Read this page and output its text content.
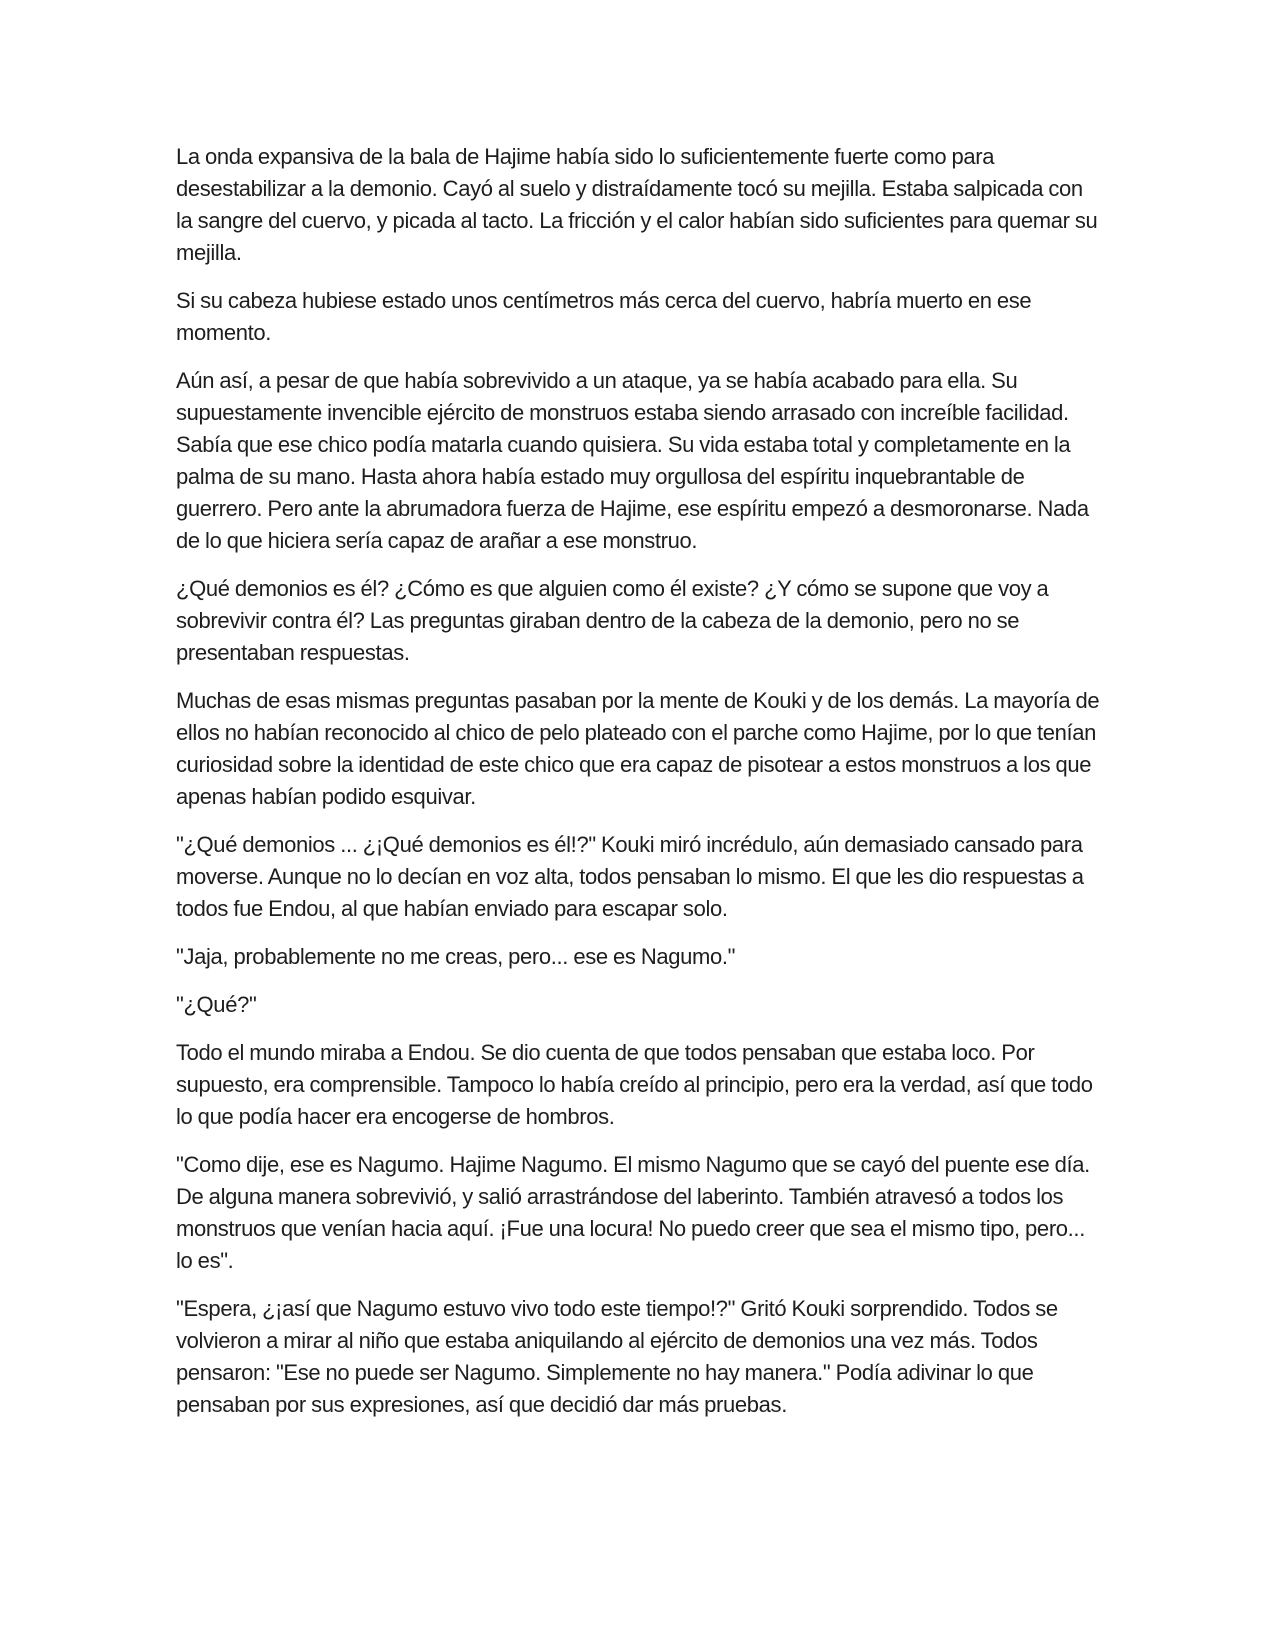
La onda expansiva de la bala de Hajime había sido lo suficientemente fuerte como para desestabilizar a la demonio. Cayó al suelo y distraídamente tocó su mejilla. Estaba salpicada con la sangre del cuervo, y picada al tacto. La fricción y el calor habían sido suficientes para quemar su mejilla.

Si su cabeza hubiese estado unos centímetros más cerca del cuervo, habría muerto en ese momento.

Aún así, a pesar de que había sobrevivido a un ataque, ya se había acabado para ella. Su supuestamente invencible ejército de monstruos estaba siendo arrasado con increíble facilidad. Sabía que ese chico podía matarla cuando quisiera. Su vida estaba total y completamente en la palma de su mano. Hasta ahora había estado muy orgullosa del espíritu inquebrantable de guerrero. Pero ante la abrumadora fuerza de Hajime, ese espíritu empezó a desmoronarse. Nada de lo que hiciera sería capaz de arañar a ese monstruo.

¿Qué demonios es él? ¿Cómo es que alguien como él existe? ¿Y cómo se supone que voy a sobrevivir contra él? Las preguntas giraban dentro de la cabeza de la demonio, pero no se presentaban respuestas.

Muchas de esas mismas preguntas pasaban por la mente de Kouki y de los demás. La mayoría de ellos no habían reconocido al chico de pelo plateado con el parche como Hajime, por lo que tenían curiosidad sobre la identidad de este chico que era capaz de pisotear a estos monstruos a los que apenas habían podido esquivar.

"¿Qué demonios ... ¿¡Qué demonios es él!?" Kouki miró incrédulo, aún demasiado cansado para moverse. Aunque no lo decían en voz alta, todos pensaban lo mismo. El que les dio respuestas a todos fue Endou, al que habían enviado para escapar solo.

"Jaja, probablemente no me creas, pero... ese es Nagumo."

"¿Qué?"

Todo el mundo miraba a Endou. Se dio cuenta de que todos pensaban que estaba loco. Por supuesto, era comprensible. Tampoco lo había creído al principio, pero era la verdad, así que todo lo que podía hacer era encogerse de hombros.

"Como dije, ese es Nagumo. Hajime Nagumo. El mismo Nagumo que se cayó del puente ese día. De alguna manera sobrevivió, y salió arrastrándose del laberinto. También atravesó a todos los monstruos que venían hacia aquí. ¡Fue una locura! No puedo creer que sea el mismo tipo, pero... lo es".

"Espera, ¿¡así que Nagumo estuvo vivo todo este tiempo!?" Gritó Kouki sorprendido. Todos se volvieron a mirar al niño que estaba aniquilando al ejército de demonios una vez más. Todos pensaron: "Ese no puede ser Nagumo. Simplemente no hay manera." Podía adivinar lo que pensaban por sus expresiones, así que decidió dar más pruebas.
